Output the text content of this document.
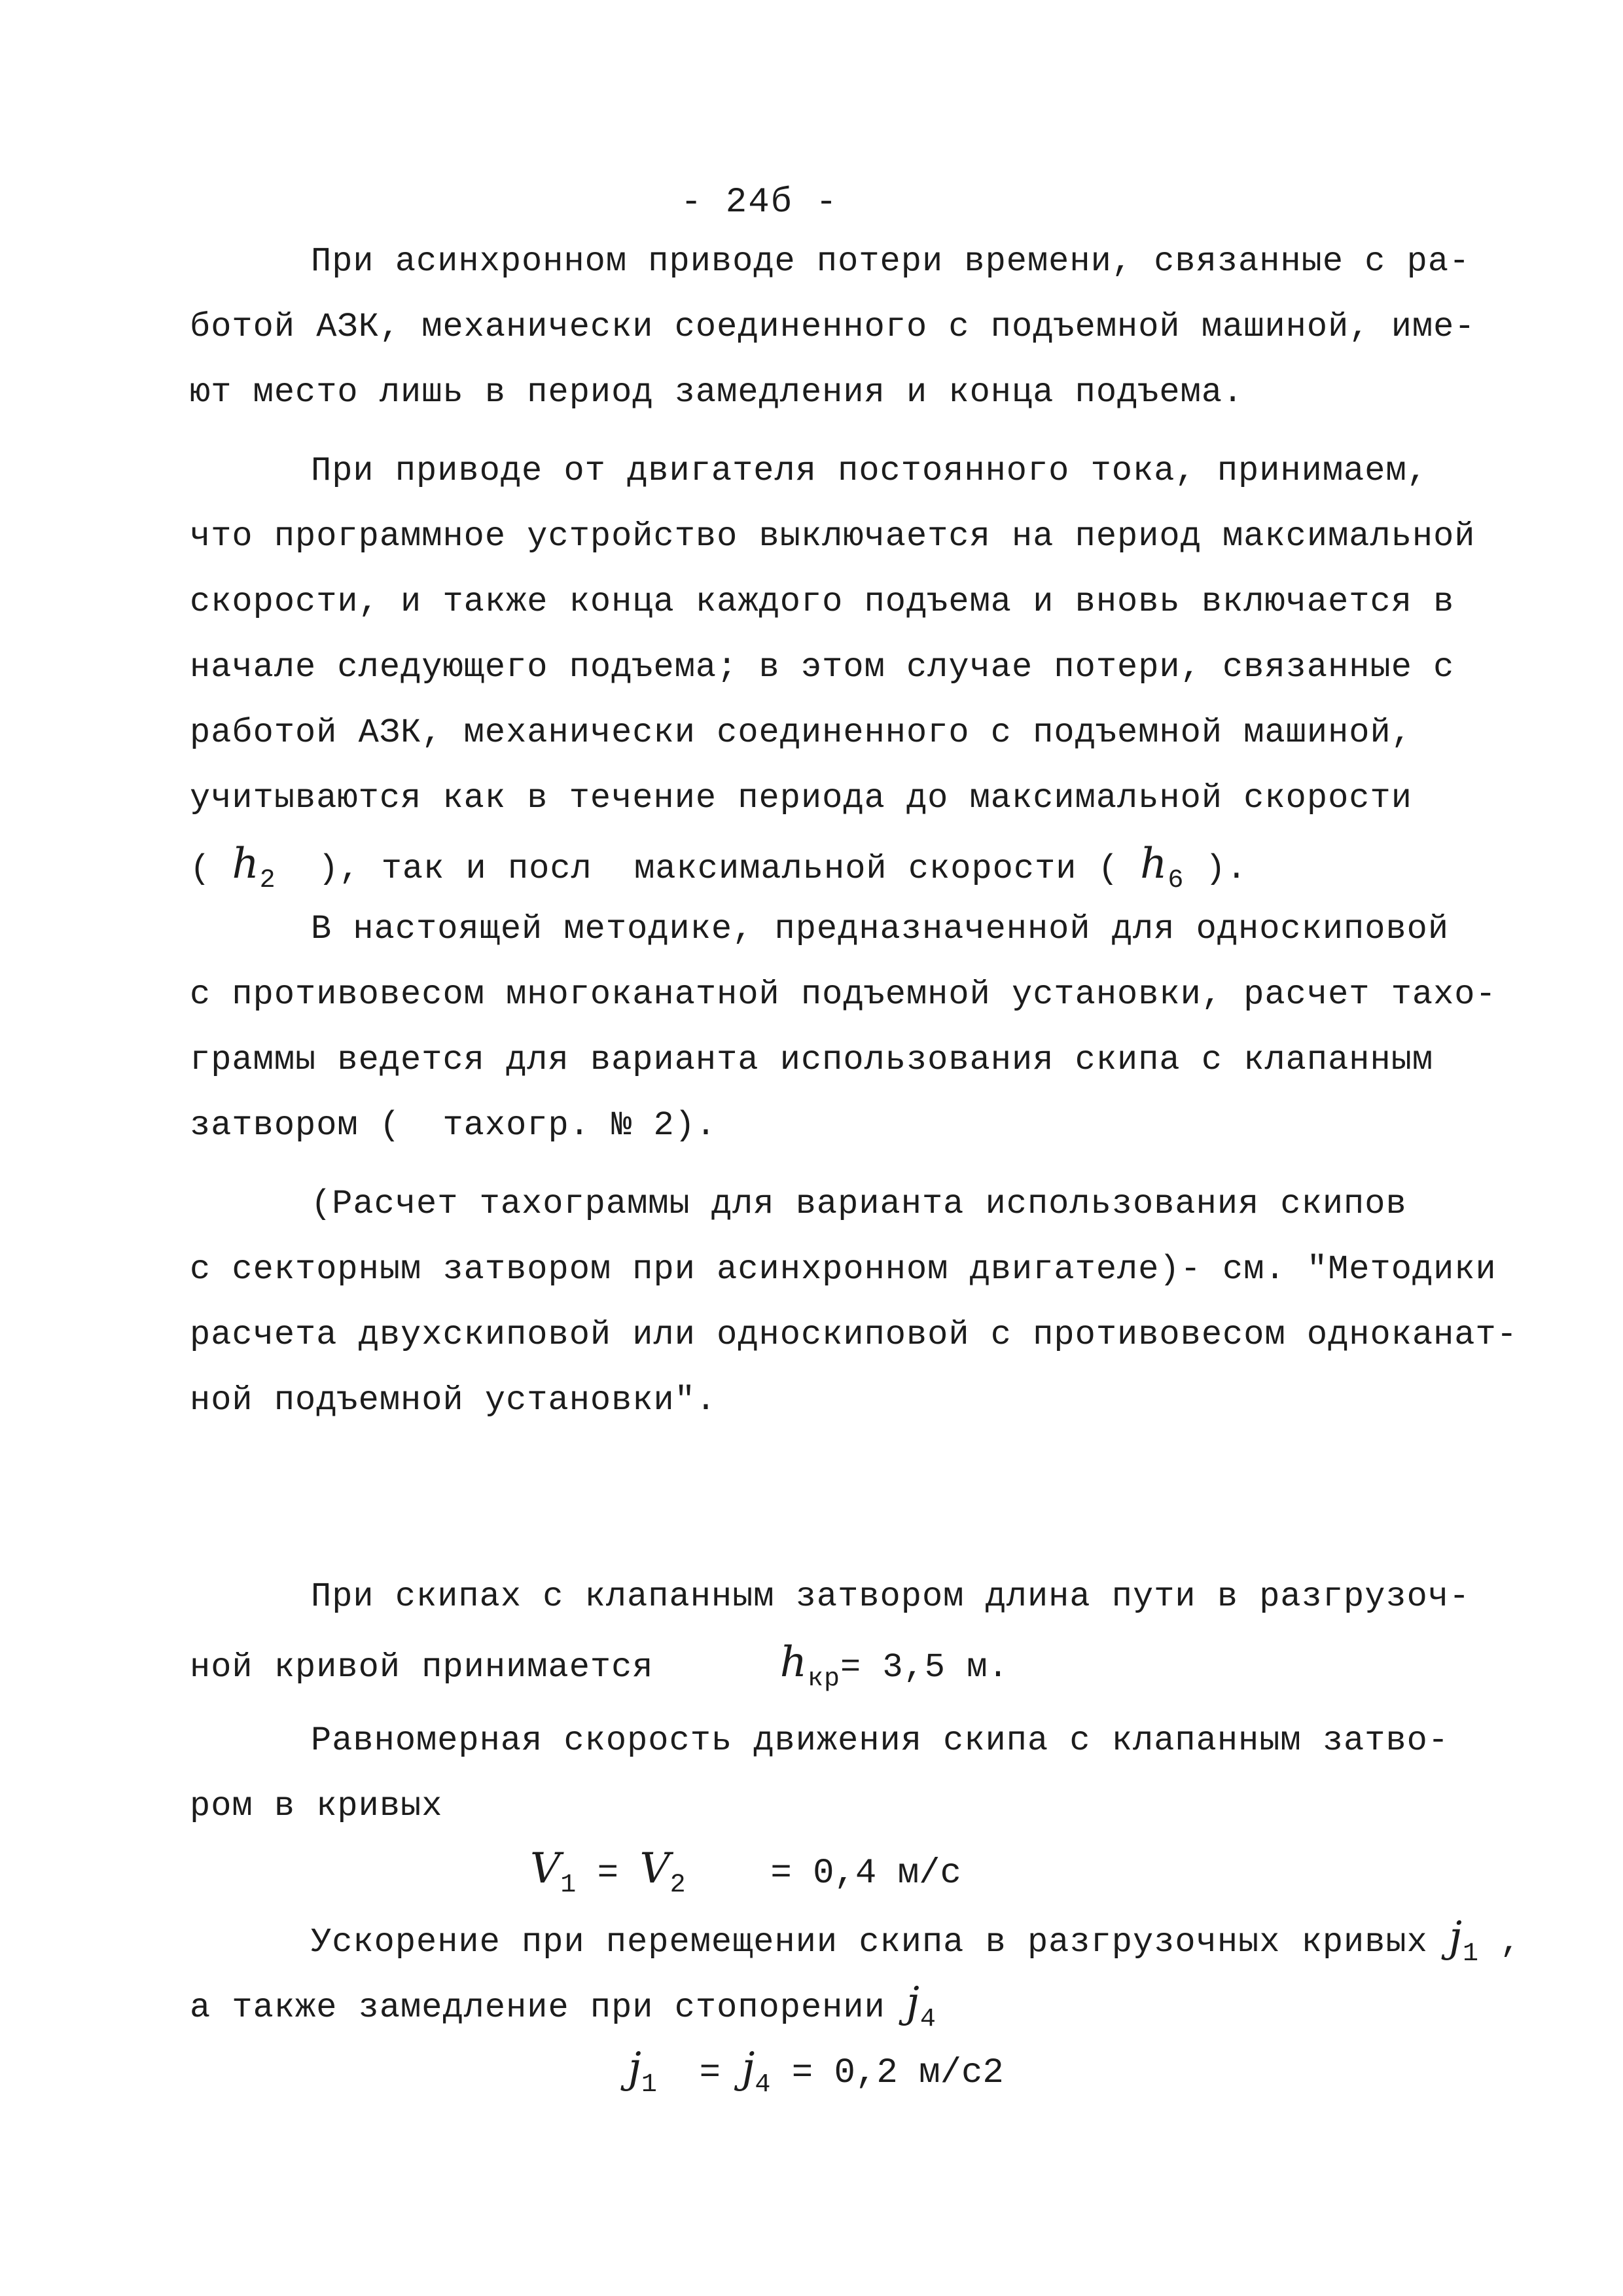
- 24б -
При асинхронном приводе потери времени, связанные с ра-
ботой АЗК, механически соединенного с подъемной машиной, име-
ют место лишь в период замедления и конца подъема.
При приводе от двигателя постоянного тока, принимаем,
что программное устройство выключается на период максимальной
скорости, и также конца каждого подъема и вновь включается в
начале следующего подъема; в этом случае потери, связанные с
работой АЗК, механически соединенного с подъемной машиной,
учитываются как в течение периода до максимальной скорости
( $h_2$ ), так и посл  максимальной скорости ( $h_6$ ).
В настоящей методике, предназначенной для односкиповой
с противовесом многоканатной подъемной установки, расчет тахо-
граммы ведется для варианта использования скипа с клапанным
затвором (  тахогр. № 2).
(Расчет тахограммы для варианта использования скипов
с секторным затвором при асинхронном двигателе)- см. "Методики
расчета двухскиповой или односкиповой с противовесом одноканат-
ной подъемной установки".
При скипах с клапанным затвором длина пути в разгрузоч-
ной кривой принимается	$h_{кр}= 3,5$ м.
Равномерная скорость движения скипа с клапанным затво-
ром в кривых
$V_1 = V_2 = 0,4$ м/с
Ускорение при перемещении скипа в разгрузочных кривых $j_1$ ,
а также замедление при стопорении $j_4$
$j_1 = j_4 = 0,2$ м/с2
